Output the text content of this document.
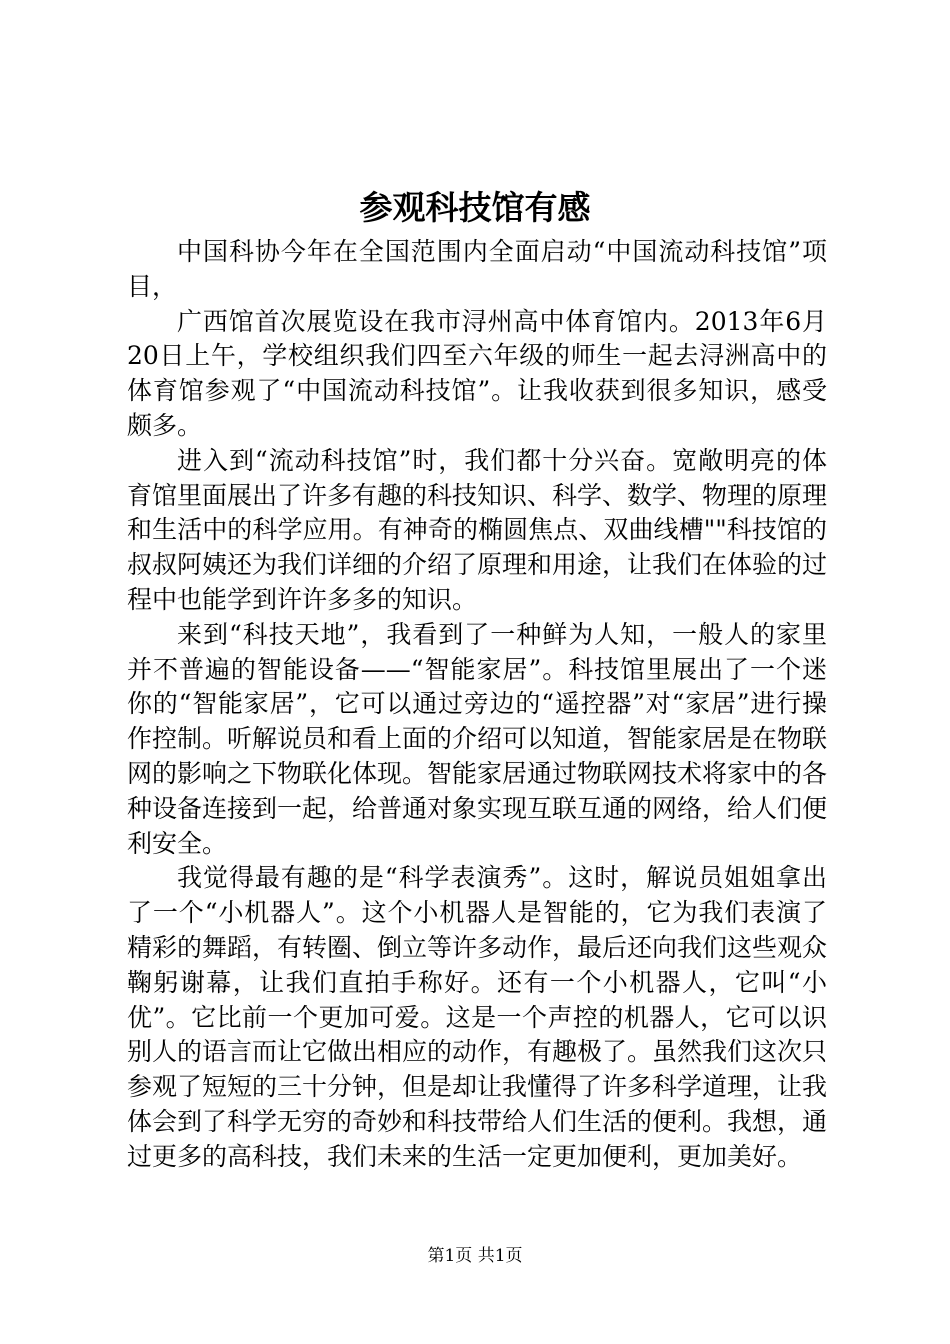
参观科技馆有感

中国科协今年在全国范围内全面启动“中国流动科技馆”项目，

广西馆首次展览设在我市浔州高中体育馆内。2013年6月20日上午，学校组织我们四至六年级的师生一起去浔洲高中的体育馆参观了“中国流动科技馆”。让我收获到很多知识，感受颇多。

进入到“流动科技馆”时，我们都十分兴奋。宽敞明亮的体育馆里面展出了许多有趣的科技知识、科学、数学、物理的原理和生活中的科学应用。有神奇的椭圆焦点、双曲线槽""科技馆的叔叔阿姨还为我们详细的介绍了原理和用途，让我们在体验的过程中也能学到许许多多的知识。

来到“科技天地”，我看到了一种鲜为人知，一般人的家里并不普遍的智能设备——“智能家居”。科技馆里展出了一个迷你的“智能家居”，它可以通过旁边的“遥控器”对“家居”进行操作控制。听解说员和看上面的介绍可以知道，智能家居是在物联网的影响之下物联化体现。智能家居通过物联网技术将家中的各种设备连接到一起，给普通对象实现互联互通的网络，给人们便利安全。

我觉得最有趣的是“科学表演秀”。这时，解说员姐姐拿出了一个“小机器人”。这个小机器人是智能的，它为我们表演了精彩的舞蹈，有转圈、倒立等许多动作，最后还向我们这些观众鞠躬谢幕，让我们直拍手称好。还有一个小机器人，它叫“小优”。它比前一个更加可爱。这是一个声控的机器人，它可以识别人的语言而让它做出相应的动作，有趣极了。虽然我们这次只参观了短短的三十分钟，但是却让我懂得了许多科学道理，让我体会到了科学无穷的奇妙和科技带给人们生活的便利。我想，通过更多的高科技，我们未来的生活一定更加便利，更加美好。

第1页 共1页
